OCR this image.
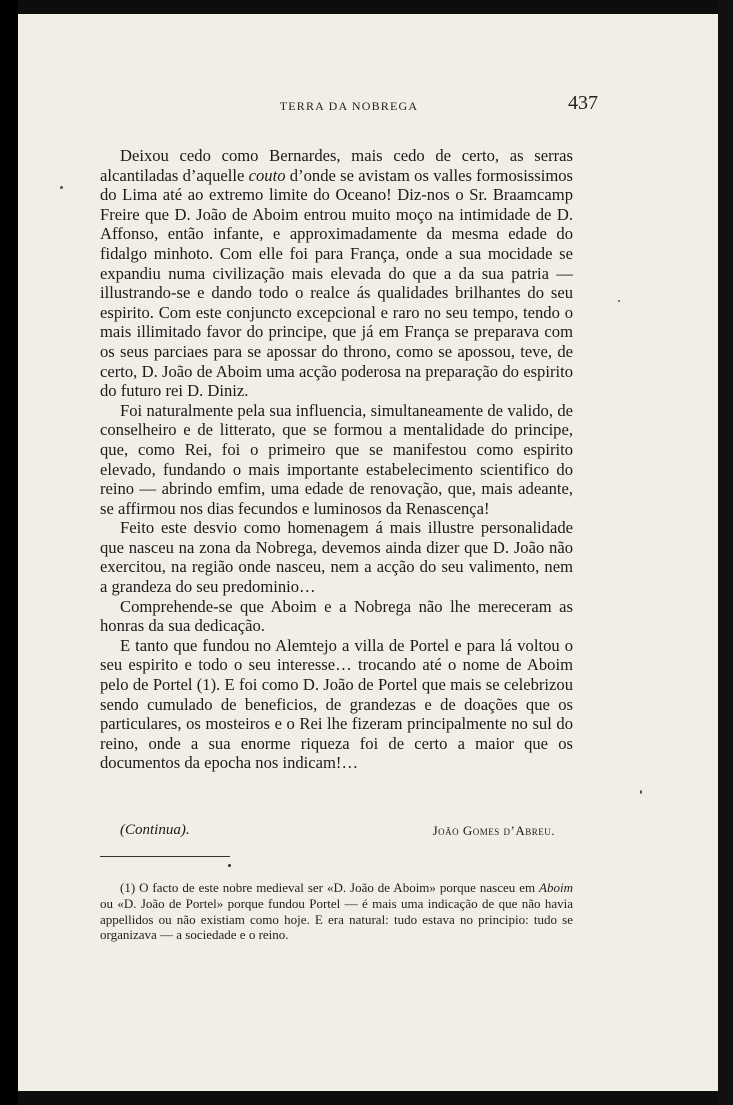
TERRA DA NOBREGA	437

Deixou cedo como Bernardes, mais cedo de certo, as serras alcantiladas d’aquelle couto d’onde se avistam os valles formosissimos do Lima até ao extremo limite do Oceano! Diz-nos o Sr. Braamcamp Freire que D. João de Aboim entrou muito moço na intimidade de D. Affonso, então infante, e approximadamente da mesma edade do fidalgo minhoto. Com elle foi para França, onde a sua mocidade se expandiu numa civilização mais elevada do que a da sua patria — illustrando-se e dando todo o realce ás qualidades brilhantes do seu espirito. Com este conjuncto excepcional e raro no seu tempo, tendo o mais illimitado favor do principe, que já em França se preparava com os seus parciaes para se apossar do throno, como se apossou, teve, de certo, D. João de Aboim uma acção poderosa na preparação do espirito do futuro rei D. Diniz.

Foi naturalmente pela sua influencia, simultaneamente de valido, de conselheiro e de litterato, que se formou a mentalidade do principe, que, como Rei, foi o primeiro que se manifestou como espirito elevado, fundando o mais importante estabelecimento scientifico do reino — abrindo emfim, uma edade de renovação, que, mais adeante, se affirmou nos dias fecundos e luminosos da Renascença!

Feito este desvio como homenagem á mais illustre personalidade que nasceu na zona da Nobrega, devemos ainda dizer que D. João não exercitou, na região onde nasceu, nem a acção do seu valimento, nem a grandeza do seu predominio…

Comprehende-se que Aboim e a Nobrega não lhe mereceram as honras da sua dedicação.

E tanto que fundou no Alemtejo a villa de Portel e para lá voltou o seu espirito e todo o seu interesse… trocando até o nome de Aboim pelo de Portel (1). E foi como D. João de Portel que mais se celebrizou sendo cumulado de beneficios, de grandezas e de doações que os particulares, os mosteiros e o Rei lhe fizeram principalmente no sul do reino, onde a sua enorme riqueza foi de certo a maior que os documentos da epocha nos indicam!…

(Continua).	João Gomes d’Abreu.

(1) O facto de este nobre medieval ser «D. João de Aboim» porque nasceu em Aboim ou «D. João de Portel» porque fundou Portel — é mais uma indicação de que não havia appellidos ou não existiam como hoje. E era natural: tudo estava no principio: tudo se organizava — a sociedade e o reino.
